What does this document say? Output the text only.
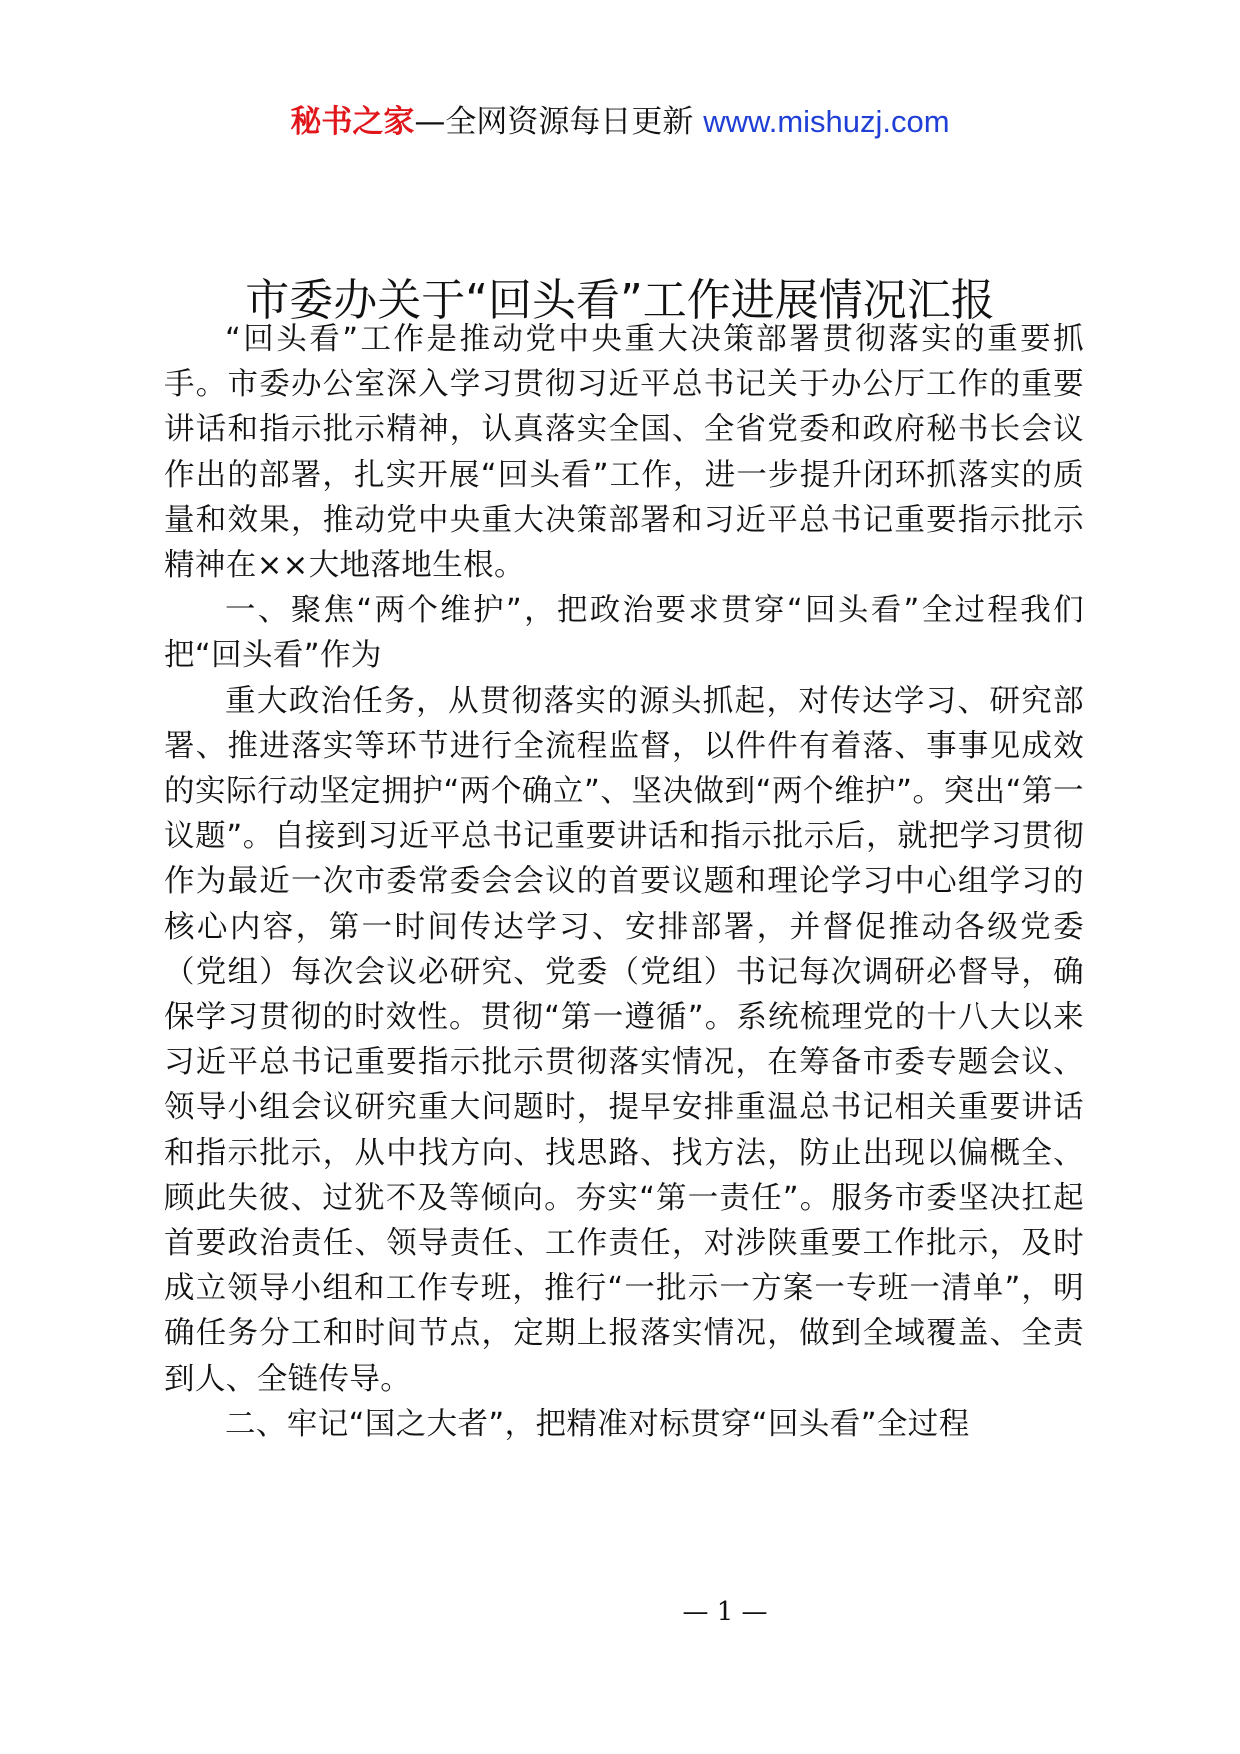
秘书之家—全网资源每日更新 www.mishuzj.com
市委办关于“回头看”工作进展情况汇报

“回头看”工作是推动党中央重大决策部署贯彻落实的重要抓手。市委办公室深入学习贯彻习近平总书记关于办公厅工作的重要讲话和指示批示精神，认真落实全国、全省党委和政府秘书长会议作出的部署，扎实开展“回头看”工作，进一步提升闭环抓落实的质量和效果，推动党中央重大决策部署和习近平总书记重要指示批示精神在××大地落地生根。

一、聚焦“两个维护”，把政治要求贯穿“回头看”全过程我们把“回头看”作为

重大政治任务，从贯彻落实的源头抓起，对传达学习、研究部署、推进落实等环节进行全流程监督，以件件有着落、事事见成效的实际行动坚定拥护“两个确立”、坚决做到“两个维护”。突出“第一议题”。自接到习近平总书记重要讲话和指示批示后，就把学习贯彻作为最近一次市委常委会会议的首要议题和理论学习中心组学习的核心内容，第一时间传达学习、安排部署，并督促推动各级党委（党组）每次会议必研究、党委（党组）书记每次调研必督导，确保学习贯彻的时效性。贯彻“第一遵循”。系统梳理党的十八大以来习近平总书记重要指示批示贯彻落实情况，在筹备市委专题会议、领导小组会议研究重大问题时，提早安排重温总书记相关重要讲话和指示批示，从中找方向、找思路、找方法，防止出现以偏概全、顾此失彼、过犹不及等倾向。夯实“第一责任”。服务市委坚决扛起首要政治责任、领导责任、工作责任，对涉陕重要工作批示，及时成立领导小组和工作专班，推行“一批示一方案一专班一清单”，明确任务分工和时间节点，定期上报落实情况，做到全域覆盖、全责到人、全链传导。

二、牢记“国之大者”，把精准对标贯穿“回头看”全过程

— 1 —
